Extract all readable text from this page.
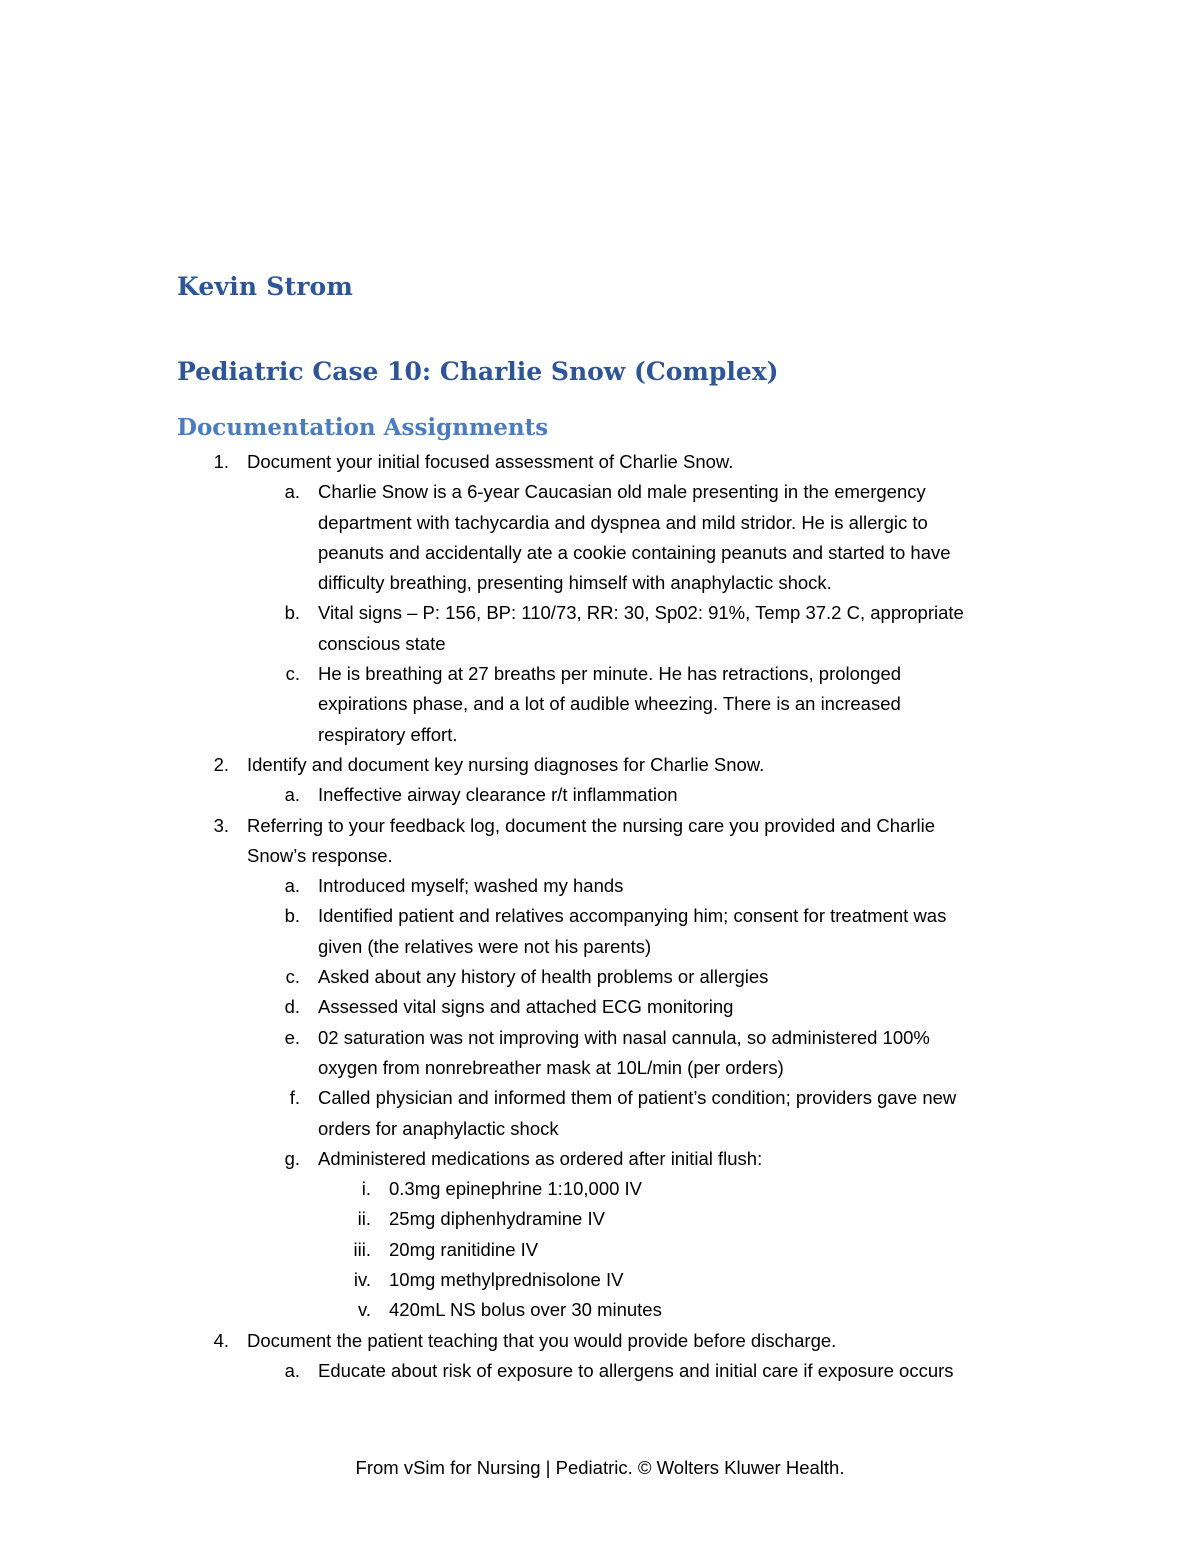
Kevin Strom
Pediatric Case 10: Charlie Snow (Complex)
Documentation Assignments
1. Document your initial focused assessment of Charlie Snow.
a. Charlie Snow is a 6-year Caucasian old male presenting in the emergency
department with tachycardia and dyspnea and mild stridor. He is allergic to
peanuts and accidentally ate a cookie containing peanuts and started to have
difficulty breathing, presenting himself with anaphylactic shock.
b. Vital signs – P: 156, BP: 110/73, RR: 30, Sp02: 91%, Temp 37.2 C, appropriate
conscious state
c. He is breathing at 27 breaths per minute. He has retractions, prolonged
expirations phase, and a lot of audible wheezing. There is an increased
respiratory effort.
2. Identify and document key nursing diagnoses for Charlie Snow.
a. Ineffective airway clearance r/t inflammation
3. Referring to your feedback log, document the nursing care you provided and Charlie
Snow’s response.
a. Introduced myself; washed my hands
b. Identified patient and relatives accompanying him; consent for treatment was
given (the relatives were not his parents)
c. Asked about any history of health problems or allergies
d. Assessed vital signs and attached ECG monitoring
e. 02 saturation was not improving with nasal cannula, so administered 100%
oxygen from nonrebreather mask at 10L/min (per orders)
f. Called physician and informed them of patient’s condition; providers gave new
orders for anaphylactic shock
g. Administered medications as ordered after initial flush:
i. 0.3mg epinephrine 1:10,000 IV
ii. 25mg diphenhydramine IV
iii. 20mg ranitidine IV
iv. 10mg methylprednisolone IV
v. 420mL NS bolus over 30 minutes
4. Document the patient teaching that you would provide before discharge.
a. Educate about risk of exposure to allergens and initial care if exposure occurs
From vSim for Nursing | Pediatric. © Wolters Kluwer Health.
